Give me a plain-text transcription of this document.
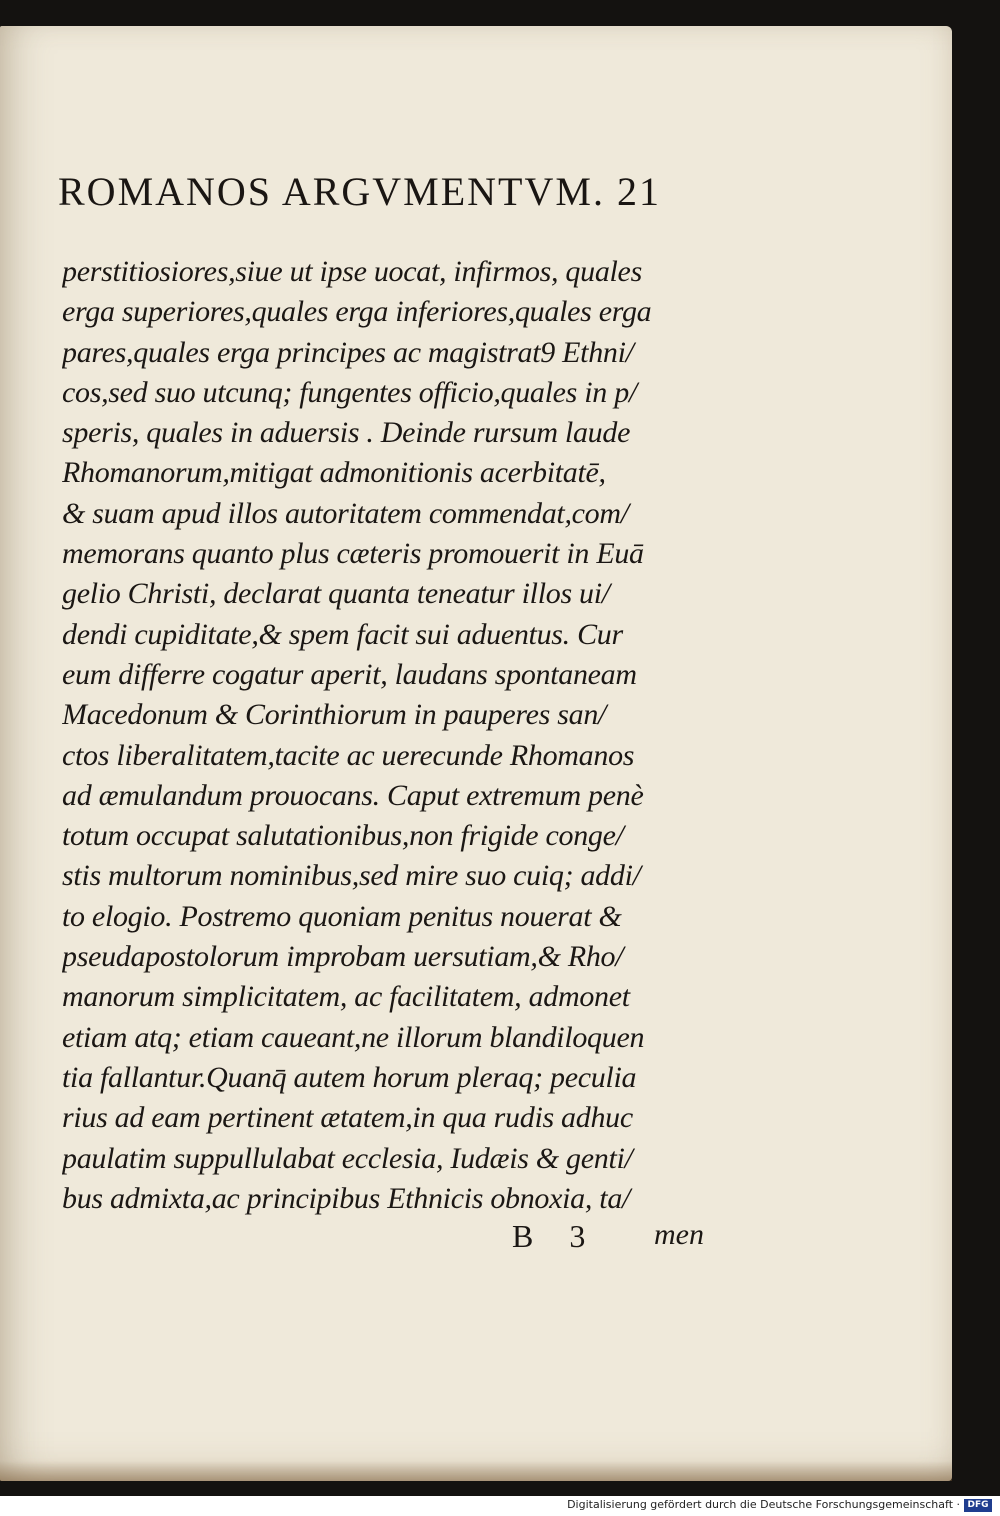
ROMANOS ARGVMENTVM. 21
perstitiosiores,siue ut ipse uocat, infirmos, quales
erga superiores,quales erga inferiores,quales erga
pares,quales erga principes ac magistrat9 Ethni/
cos,sed suo utcunq; fungentes officio,quales in p/
speris, quales in aduersis . Deinde rursum laude
Rhomanorum,mitigat admonitionis acerbitatē,
& suam apud illos autoritatem commendat,com/
memorans quanto plus cæteris promouerit in Euā
gelio Christi, declarat quanta teneatur illos ui/
dendi cupiditate,& spem facit sui aduentus. Cur
eum differre cogatur aperit, laudans spontaneam
Macedonum & Corinthiorum in pauperes san/
ctos liberalitatem,tacite ac uerecunde Rhomanos
ad æmulandum prouocans. Caput extremum penè
totum occupat salutationibus,non frigide conge/
stis multorum nominibus,sed mire suo cuiq; addi/
to elogio. Postremo quoniam penitus nouerat &
pseudapostolorum improbam uersutiam,& Rho/
manorum simplicitatem, ac facilitatem, admonet
etiam atq; etiam caueant,ne illorum blandiloquen
tia fallantur.Quanq̄ autem horum pleraq; peculia
rius ad eam pertinent ætatem,in qua rudis adhuc
paulatim suppullulabat ecclesia, Iudæis & genti/
bus admixta,ac principibus Ethnicis obnoxia, ta/
B 3 men
Digitalisierung gefördert durch die Deutsche Forschungsgemeinschaft · DFG
